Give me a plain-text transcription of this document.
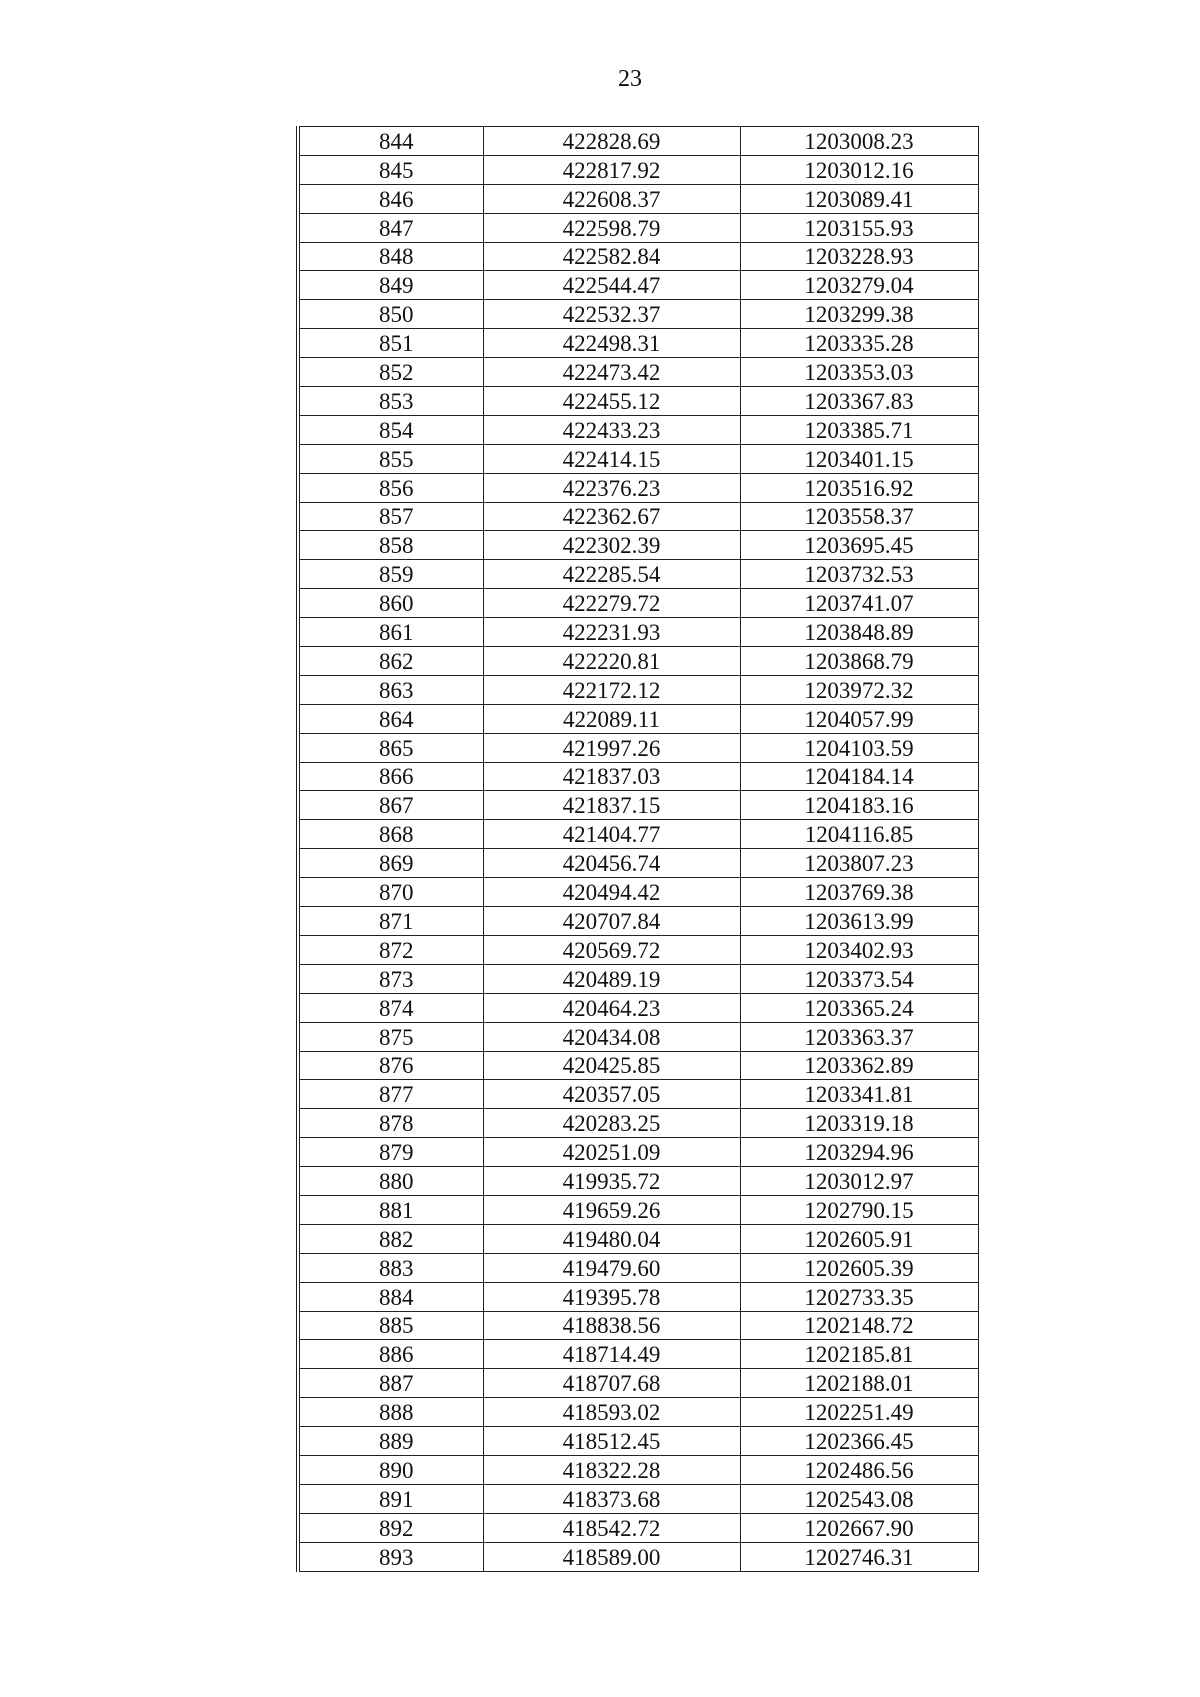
23
844	422828.69	1203008.23
845	422817.92	1203012.16
846	422608.37	1203089.41
847	422598.79	1203155.93
848	422582.84	1203228.93
849	422544.47	1203279.04
850	422532.37	1203299.38
851	422498.31	1203335.28
852	422473.42	1203353.03
853	422455.12	1203367.83
854	422433.23	1203385.71
855	422414.15	1203401.15
856	422376.23	1203516.92
857	422362.67	1203558.37
858	422302.39	1203695.45
859	422285.54	1203732.53
860	422279.72	1203741.07
861	422231.93	1203848.89
862	422220.81	1203868.79
863	422172.12	1203972.32
864	422089.11	1204057.99
865	421997.26	1204103.59
866	421837.03	1204184.14
867	421837.15	1204183.16
868	421404.77	1204116.85
869	420456.74	1203807.23
870	420494.42	1203769.38
871	420707.84	1203613.99
872	420569.72	1203402.93
873	420489.19	1203373.54
874	420464.23	1203365.24
875	420434.08	1203363.37
876	420425.85	1203362.89
877	420357.05	1203341.81
878	420283.25	1203319.18
879	420251.09	1203294.96
880	419935.72	1203012.97
881	419659.26	1202790.15
882	419480.04	1202605.91
883	419479.60	1202605.39
884	419395.78	1202733.35
885	418838.56	1202148.72
886	418714.49	1202185.81
887	418707.68	1202188.01
888	418593.02	1202251.49
889	418512.45	1202366.45
890	418322.28	1202486.56
891	418373.68	1202543.08
892	418542.72	1202667.90
893	418589.00	1202746.31
